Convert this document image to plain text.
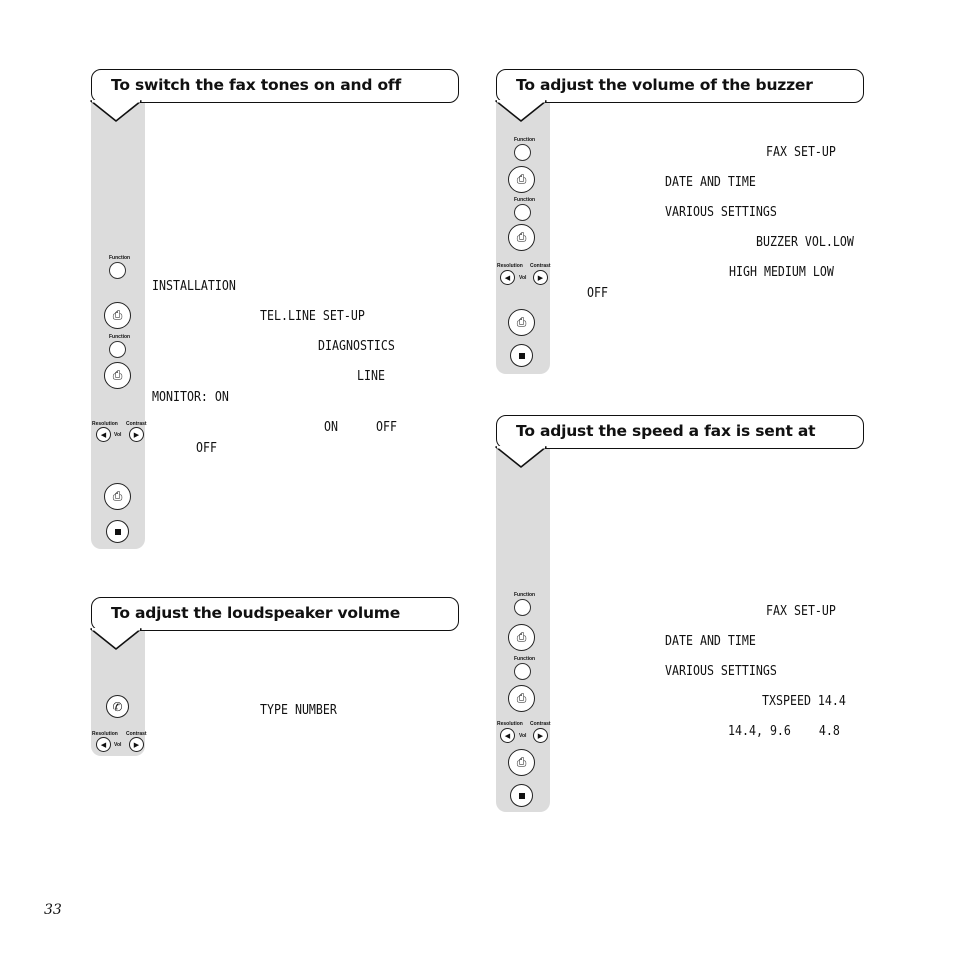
To switch the fax tones on and off
Function
⎙
Function
⎙
Resolution Contrast
◀ Vol ▶
⎙
INSTALLATION
TEL.LINE SET-UP
DIAGNOSTICS
LINE
MONITOR: ON
ON	OFF
OFF
To adjust the loudspeaker volume
✆
Resolution Contrast
◀ Vol ▶
TYPE NUMBER
To adjust the volume of the buzzer
Function
⎙
Function
⎙
Resolution Contrast
◀ Vol ▶
⎙
FAX SET-UP
DATE AND TIME
VARIOUS SETTINGS
BUZZER VOL.LOW
HIGH MEDIUM LOW
OFF
To adjust the speed a fax is sent at
Function
⎙
Function
⎙
Resolution Contrast
◀ Vol ▶
⎙
FAX SET-UP
DATE AND TIME
VARIOUS SETTINGS
TXSPEED 14.4
14.4, 9.6    4.8
33
